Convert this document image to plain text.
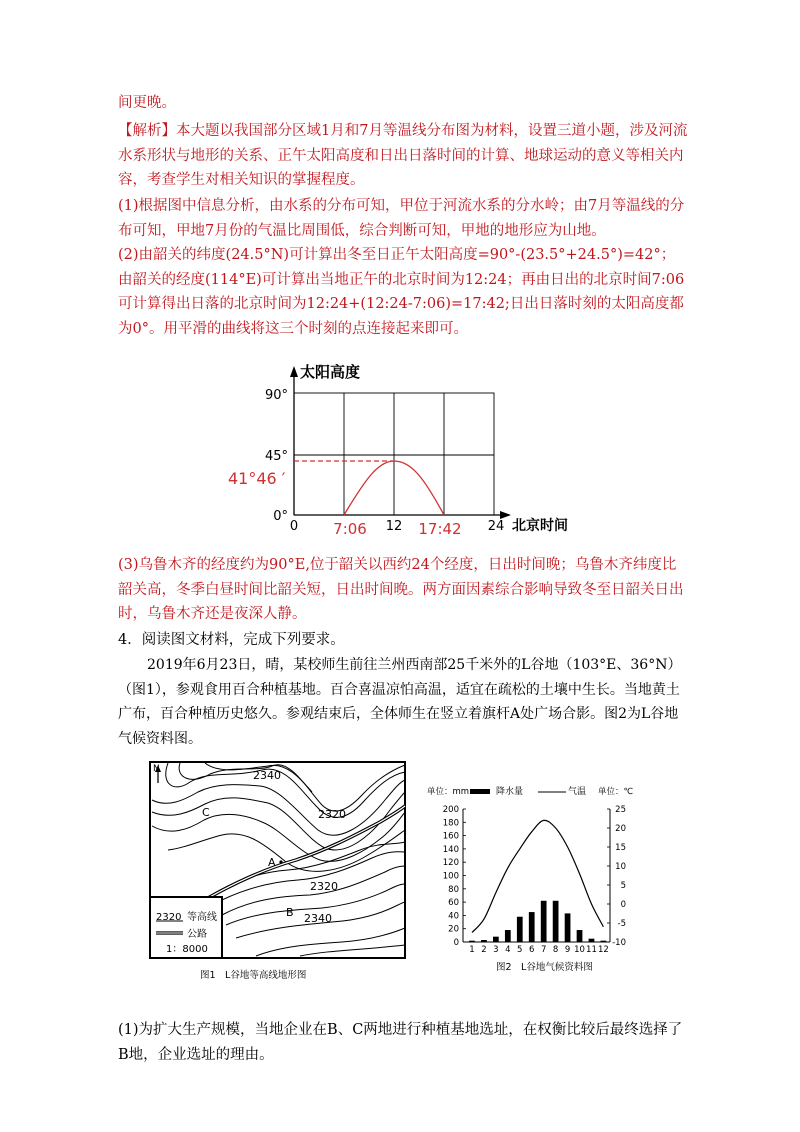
间更晚。

【解析】本大题以我国部分区域1月和7月等温线分布图为材料，设置三道小题，涉及河流水系形状与地形的关系、正午太阳高度和日出日落时间的计算、地球运动的意义等相关内容，考查学生对相关知识的掌握程度。

(1)根据图中信息分析，由水系的分布可知，甲位于河流水系的分水岭；由7月等温线的分布可知，甲地7月份的气温比周围低，综合判断可知，甲地的地形应为山地。

(2)由韶关的纬度(24.5°N)可计算出冬至日正午太阳高度=90°-(23.5°+24.5°)=42°；由韶关的经度(114°E)可计算出当地正午的北京时间为12:24；再由日出的北京时间7:06可计算得出日落的北京时间为12:24+(12:24-7:06)=17:42;日出日落时刻的太阳高度都为0°。用平滑的曲线将这三个时刻的点连接起来即可。

太阳高度
90°
45°
0°
41°46 ′
0 7:06 12 17:42 24 北京时间

(3)乌鲁木齐的经度约为90°E,位于韶关以西约24个经度，日出时间晚；乌鲁木齐纬度比韶关高，冬季白昼时间比韶关短，日出时间晚。两方面因素综合影响导致冬至日韶关日出时，乌鲁木齐还是夜深人静。

4．阅读图文材料，完成下列要求。

2019年6月23日，晴，某校师生前往兰州西南部25千米外的L谷地（103°E、36°N）（图1），参观食用百合种植基地。百合喜温凉怕高温，适宜在疏松的土壤中生长。当地黄土广布，百合种植历史悠久。参观结束后，全体师生在竖立着旗杆A处广场合影。图2为L谷地气候资料图。

N	2340
2320
C
A
2320
B 2340
2320 等高线
公路
1：8000
图1　L谷地等高线地形图
单位：mm	降水量	气温 单位：℃
0
20
40
60
80
100
120
140
160
180
200
-10
-5
0
5
10
15
20
25
1 2 3 4 5 6 7 8 9 10 11 12
图2　L谷地气候资料图

(1)为扩大生产规模，当地企业在B、C两地进行种植基地选址，在权衡比较后最终选择了B地，企业选址的理由。
